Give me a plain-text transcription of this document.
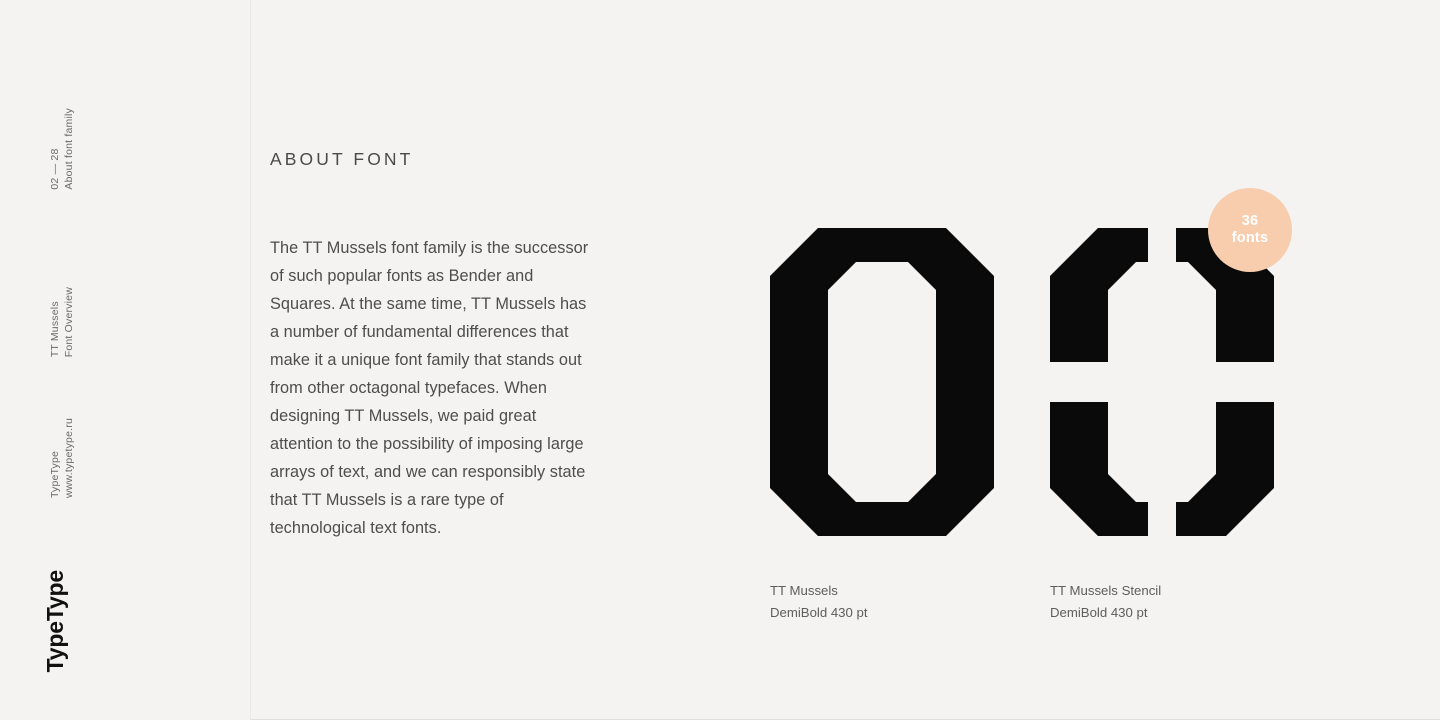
02 — 28 About font family
TT Mussels Font Overview
TypeType www.typetype.ru
TypeType
ABOUT FONT

The TT Mussels font family is the successor of such popular fonts as Bender and Squares. At the same time, TT Mussels has a number of fundamental differences that make it a unique font family that stands out from other octagonal typefaces. When designing TT Mussels, we paid great attention to the possibility of imposing large arrays of text, and we can responsibly state that TT Mussels is a rare type of technological text fonts.

TT Mussels
DemiBold 430 pt
TT Mussels Stencil
DemiBold 430 pt
36
fonts
